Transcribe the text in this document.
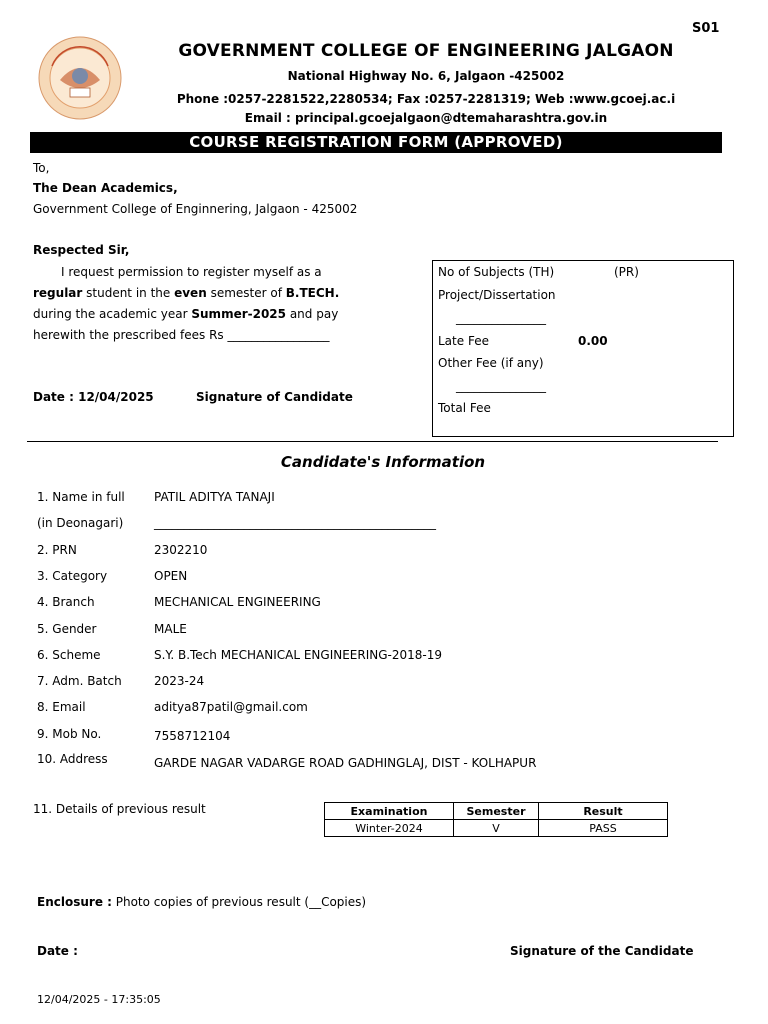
S01
GOVERNMENT COLLEGE OF ENGINEERING JALGAON
National Highway No. 6, Jalgaon -425002
Phone :0257-2281522,2280534; Fax :0257-2281319; Web :www.gcoej.ac.i
Email : principal.gcoejalgaon@dtemaharashtra.gov.in
COURSE REGISTRATION FORM (APPROVED)
To,
The Dean Academics,
Government College of Enginnering, Jalgaon - 425002
Respected Sir,
I request permission to register myself as a
regular student in the even semester of B.TECH.
during the academic year Summer-2025 and pay
herewith the prescribed fees Rs _________________
Date : 12/04/2025	Signature of Candidate
No of Subjects (TH)	(PR)
Project/Dissertation
_______________
Late Fee	0.00
Other Fee (if any)
_______________
Total Fee
Candidate's Information
1. Name in full PATIL ADITYA TANAJI
(in Deonagari)	_______________________________________________
2. PRN	2302210
3. Category	OPEN
4. Branch	MECHANICAL ENGINEERING
5. Gender	MALE
6. Scheme	S.Y. B.Tech MECHANICAL ENGINEERING-2018-19
7. Adm. Batch	2023-24
8. Email	aditya87patil@gmail.com
9. Mob No.	7558712104
10. Address	GARDE NAGAR VADARGE ROAD GADHINGLAJ, DIST - KOLHAPUR
11. Details of previous result	Examination	Semester	Result
Winter-2024	V	PASS
Enclosure : Photo copies of previous result (__Copies)
Date :	Signature of the Candidate
12/04/2025 - 17:35:05
